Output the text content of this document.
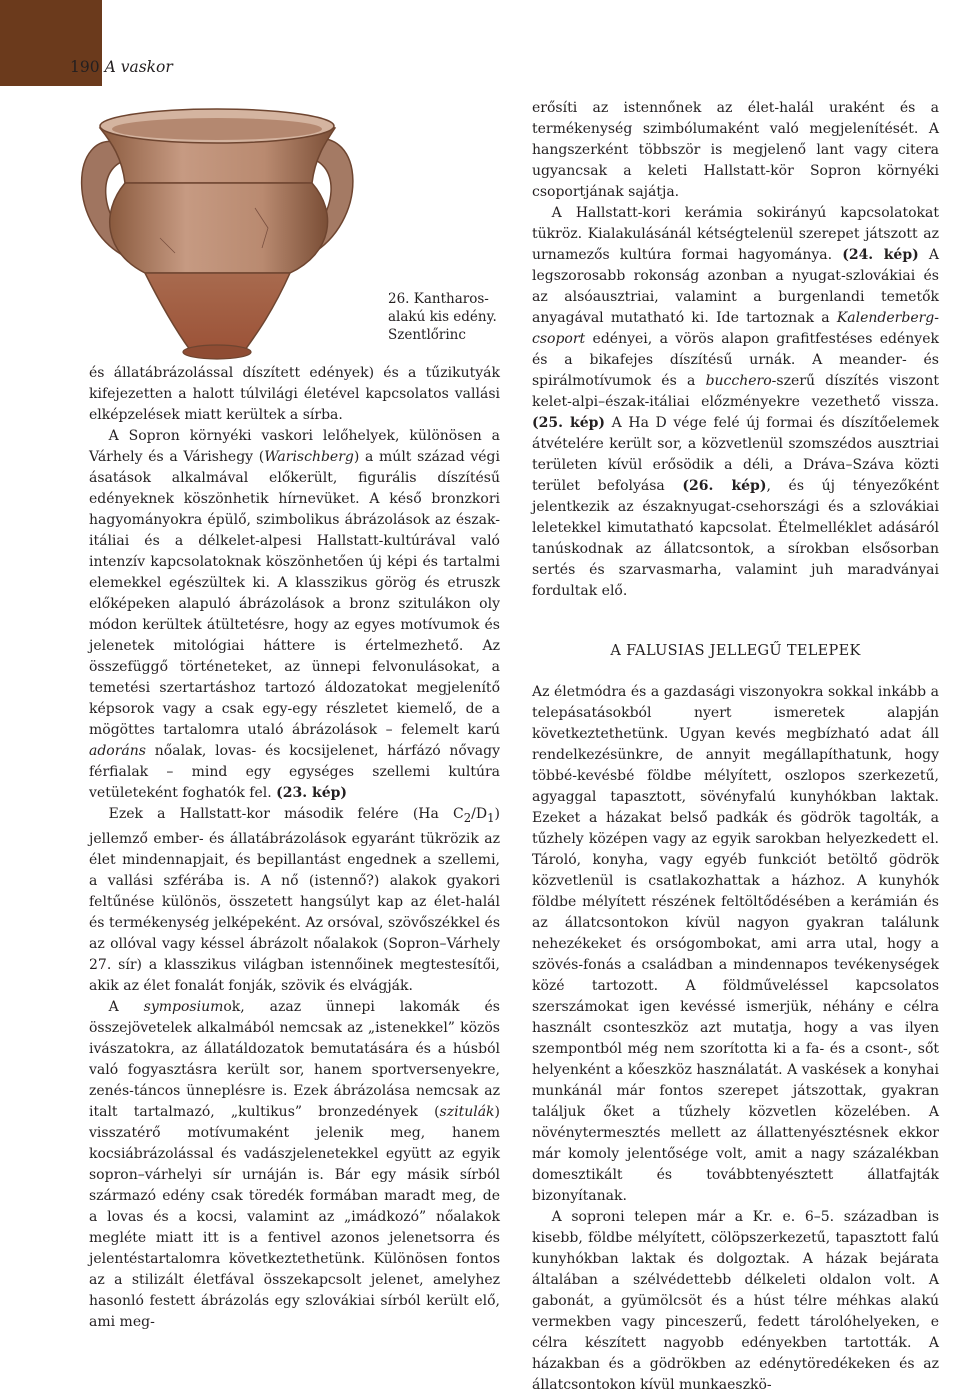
190 A vaskor
26. Kantharos-
alakú kis edény.
Szentlőrinc

és állatábrázolással díszített edények) és a tűzikutyák kifejezetten a halott túlvilági életével kapcsolatos vallási elképzelések miatt kerültek a sírba.

A Sopron környéki vaskori lelőhelyek, különösen a Várhely és a Várishegy (Warischberg) a múlt század végi ásatások alkalmával előkerült, figurális díszítésű edényeknek köszönhetik hírnevüket. A késő bronzkori hagyományokra épülő, szimbolikus ábrázolások az észak-itáliai és a délkelet-alpesi Hallstatt-kultúrával való intenzív kapcsolatoknak köszönhetően új képi és tartalmi elemekkel egészültek ki. A klasszikus görög és etruszk előképeken alapuló ábrázolások a bronz szitulákon oly módon kerültek átültetésre, hogy az egyes motívumok és jelenetek mitológiai háttere is értelmezhető. Az összefüggő történeteket, az ünnepi felvonulásokat, a temetési szertartáshoz tartozó áldozatokat megjelenítő képsorok vagy a csak egy-egy részletet kiemelő, de a mögöttes tartalomra utaló ábrázolások – felemelt karú adoráns nőalak, lovas- és kocsijelenet, hárfázó nővagy férfialak – mind egy egységes szellemi kultúra vetületeként foghatók fel. (23. kép)

Ezek a Hallstatt-kor második felére (Ha $C_2/D_1$) jellemző ember- és állatábrázolások egyaránt tükrözik az élet mindennapjait, és bepillantást engednek a szellemi, a vallási szférába is. A nő (istennő?) alakok gyakori feltűnése különös, összetett hangsúlyt kap az élet-halál és termékenység jelképeként. Az orsóval, szövőszékkel és az ollóval vagy késsel ábrázolt nőalakok (Sopron–Várhely 27. sír) a klasszikus világban istennőinek megtestesítői, akik az élet fonalát fonják, szövik és elvágják.

A symposiumok, azaz ünnepi lakomák és összejövetelek alkalmából nemcsak az „istenekkel” közös ivászatokra, az állatáldozatok bemutatására és a húsból való fogyasztásra került sor, hanem sportversenyekre, zenés-táncos ünneplésre is. Ezek ábrázolása nemcsak az italt tartalmazó, „kultikus” bronzedények (szitulák) visszatérő motívumaként jelenik meg, hanem kocsiábrázolással és vadászjelenetekkel együtt az egyik sopron–várhelyi sír urnáján is. Bár egy másik sírból származó edény csak töredék formában maradt meg, de a lovas és a kocsi, valamint az „imádkozó” nőalakok megléte miatt itt is a fentivel azonos jelenetsorra és jelentéstartalomra következtethetünk. Különösen fontos az a stilizált életfával összekapcsolt jelenet, amelyhez hasonló festett ábrázolás egy szlovákiai sírból került elő, ami meg-

erősíti az istennőnek az élet-halál uraként és a termékenység szimbólumaként való megjelenítését. A hangszerként többször is megjelenő lant vagy citera ugyancsak a keleti Hallstatt-kör Sopron környéki csoportjának sajátja.

A Hallstatt-kori kerámia sokirányú kapcsolatokat tükröz. Kialakulásánál kétségtelenül szerepet játszott az urnamezős kultúra formai hagyománya. (24. kép) A legszorosabb rokonság azonban a nyugat-szlovákiai és az alsóausztriai, valamint a burgenlandi temetők anyagával mutatható ki. Ide tartoznak a Kalenderberg-csoport edényei, a vörös alapon grafitfestéses edények és a bikafejes díszítésű urnák. A meander- és spirálmotívumok és a bucchero-szerű díszítés viszont kelet-alpi–észak-itáliai előzményekre vezethető vissza. (25. kép) A Ha D vége felé új formai és díszítőelemek átvételére került sor, a közvetlenül szomszédos ausztriai területen kívül erősödik a déli, a Dráva–Száva közti terület befolyása (26. kép), és új tényezőként jelentkezik az északnyugat-csehországi és a szlovákiai leletekkel kimutatható kapcsolat. Ételmelléklet adásáról tanúskodnak az állatcsontok, a sírokban elsősorban sertés és szarvasmarha, valamint juh maradványai fordultak elő.

A FALUSIAS JELLEGŰ TELEPEK

Az életmódra és a gazdasági viszonyokra sokkal inkább a telepásatásokból nyert ismeretek alapján következtethetünk. Ugyan kevés megbízható adat áll rendelkezésünkre, de annyit megállapíthatunk, hogy többé-kevésbé földbe mélyített, oszlopos szerkezetű, agyaggal tapasztott, sövényfalú kunyhókban laktak. Ezeket a házakat belső padkák és gödrök tagolták, a tűzhely középen vagy az egyik sarokban helyezkedett el. Tároló, konyha, vagy egyéb funkciót betöltő gödrök közvetlenül is csatlakozhattak a házhoz. A kunyhók földbe mélyített részének feltöltődésében a kerámián és az állatcsontokon kívül nagyon gyakran találunk nehezékeket és orsógombokat, ami arra utal, hogy a szövés-fonás a családban a mindennapos tevékenységek közé tartozott. A földműveléssel kapcsolatos szerszámokat igen kevéssé ismerjük, néhány e célra használt csonteszköz azt mutatja, hogy a vas ilyen szempontból még nem szorította ki a fa- és a csont-, sőt helyenként a kőeszköz használatát. A vaskések a konyhai munkánál már fontos szerepet játszottak, gyakran találjuk őket a tűzhely közvetlen közelében. A növénytermesztés mellett az állattenyésztésnek ekkor már komoly jelentősége volt, amit a nagy százalékban domesztikált és továbbtenyésztett állatfajták bizonyítanak.

A soproni telepen már a Kr. e. 6–5. században is kisebb, földbe mélyített, cölöpszerkezetű, tapasztott falú kunyhókban laktak és dolgoztak. A házak bejárata általában a szélvédettebb délkeleti oldalon volt. A gabonát, a gyümölcsöt és a húst télre méhkas alakú vermekben vagy pinceszerű, fedett tárolóhelyeken, e célra készített nagyobb edényekben tartották. A házakban és a gödrökben az edénytöredékeken és az állatcsontokon kívül munkaeszkö-
